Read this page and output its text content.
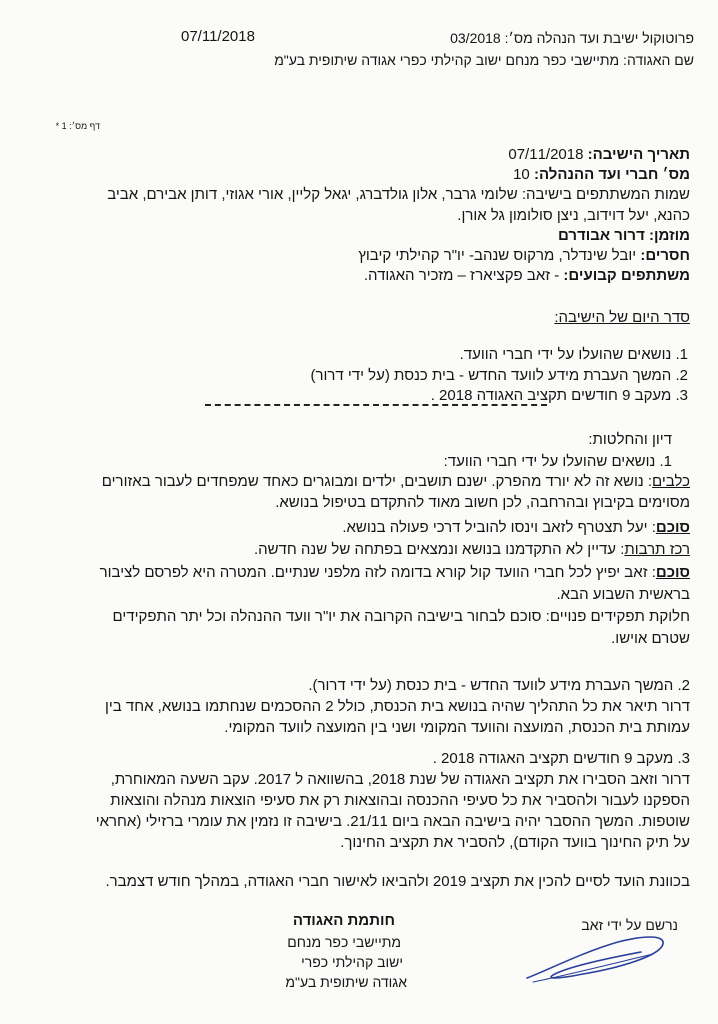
פרוטוקול ישיבת ועד הנהלה מס׳: 03/2018
07/11/2018
שם האגודה: מתיישבי כפר מנחם ישוב קהילתי כפרי אגודה שיתופית בע"מ
דף מס׳: 1 *
תאריך הישיבה: 07/11/2018
מס׳ חברי ועד ההנהלה: 10
שמות המשתתפים בישיבה: שלומי גרבר, אלון גולדברג, יגאל קליין, אורי אגוזי, דותן אבירם, אביב
כהנא, יעל דוידוב, ניצן סולומון גל אורן.
מוזמן: דרור אבודרם
חסרים: יובל שינדלר, מרקוס שנהב- יו"ר קהילתי קיבוץ
משתתפים קבועים: - זאב פקציארז – מזכיר האגודה.
סדר היום של הישיבה:
1. נושאים שהועלו על ידי חברי הוועד.
2. המשך העברת מידע לוועד החדש - בית כנסת (על ידי דרור)
3. מעקב 9 חודשים תקציב האגודה 2018 .
דיון והחלטות:
1. נושאים שהועלו על ידי חברי הוועד:
כלבים: נושא זה לא יורד מהפרק. ישנם תושבים, ילדים ומבוגרים כאחד שמפחדים לעבור באזורים
מסוימים בקיבוץ ובהרחבה, לכן חשוב מאוד להתקדם בטיפול בנושא.
סוכם: יעל תצטרף לזאב וינסו להוביל דרכי פעולה בנושא.
רכז תרבות: עדיין לא התקדמנו בנושא ונמצאים בפתחה של שנה חדשה.
סוכם: זאב יפיץ לכל חברי הוועד קול קורא בדומה לזה מלפני שנתיים. המטרה היא לפרסם לציבור
בראשית השבוע הבא.
חלוקת תפקידים פנויים: סוכם לבחור בישיבה הקרובה את יו"ר וועד ההנהלה וכל יתר התפקידים
שטרם אוישו.
2. המשך העברת מידע לוועד החדש - בית כנסת (על ידי דרור).
דרור תיאר את כל התהליך שהיה בנושא בית הכנסת, כולל 2 ההסכמים שנחתמו בנושא, אחד בין
עמותת בית הכנסת, המועצה והוועד המקומי ושני בין המועצה לוועד המקומי.
3. מעקב 9 חודשים תקציב האגודה 2018 .
דרור וזאב הסבירו את תקציב האגודה של שנת 2018, בהשוואה ל 2017. עקב השעה המאוחרת,
הספקנו לעבור ולהסביר את כל סעיפי ההכנסה ובהוצאות רק את סעיפי הוצאות מנהלה והוצאות
שוטפות. המשך ההסבר יהיה בישיבה הבאה ביום 21/11. בישיבה זו נזמין את עומרי ברזילי (אחראי
על תיק החינוך בוועד הקודם), להסביר את תקציב החינוך.
בכוונת הועד לסיים להכין את תקציב 2019 ולהביאו לאישור חברי האגודה, במהלך חודש דצמבר.
נרשם על ידי זאב
חותמת האגודה
מתיישבי כפר מנחם
ישוב קהילתי כפרי
אגודה שיתופית בע"מ
